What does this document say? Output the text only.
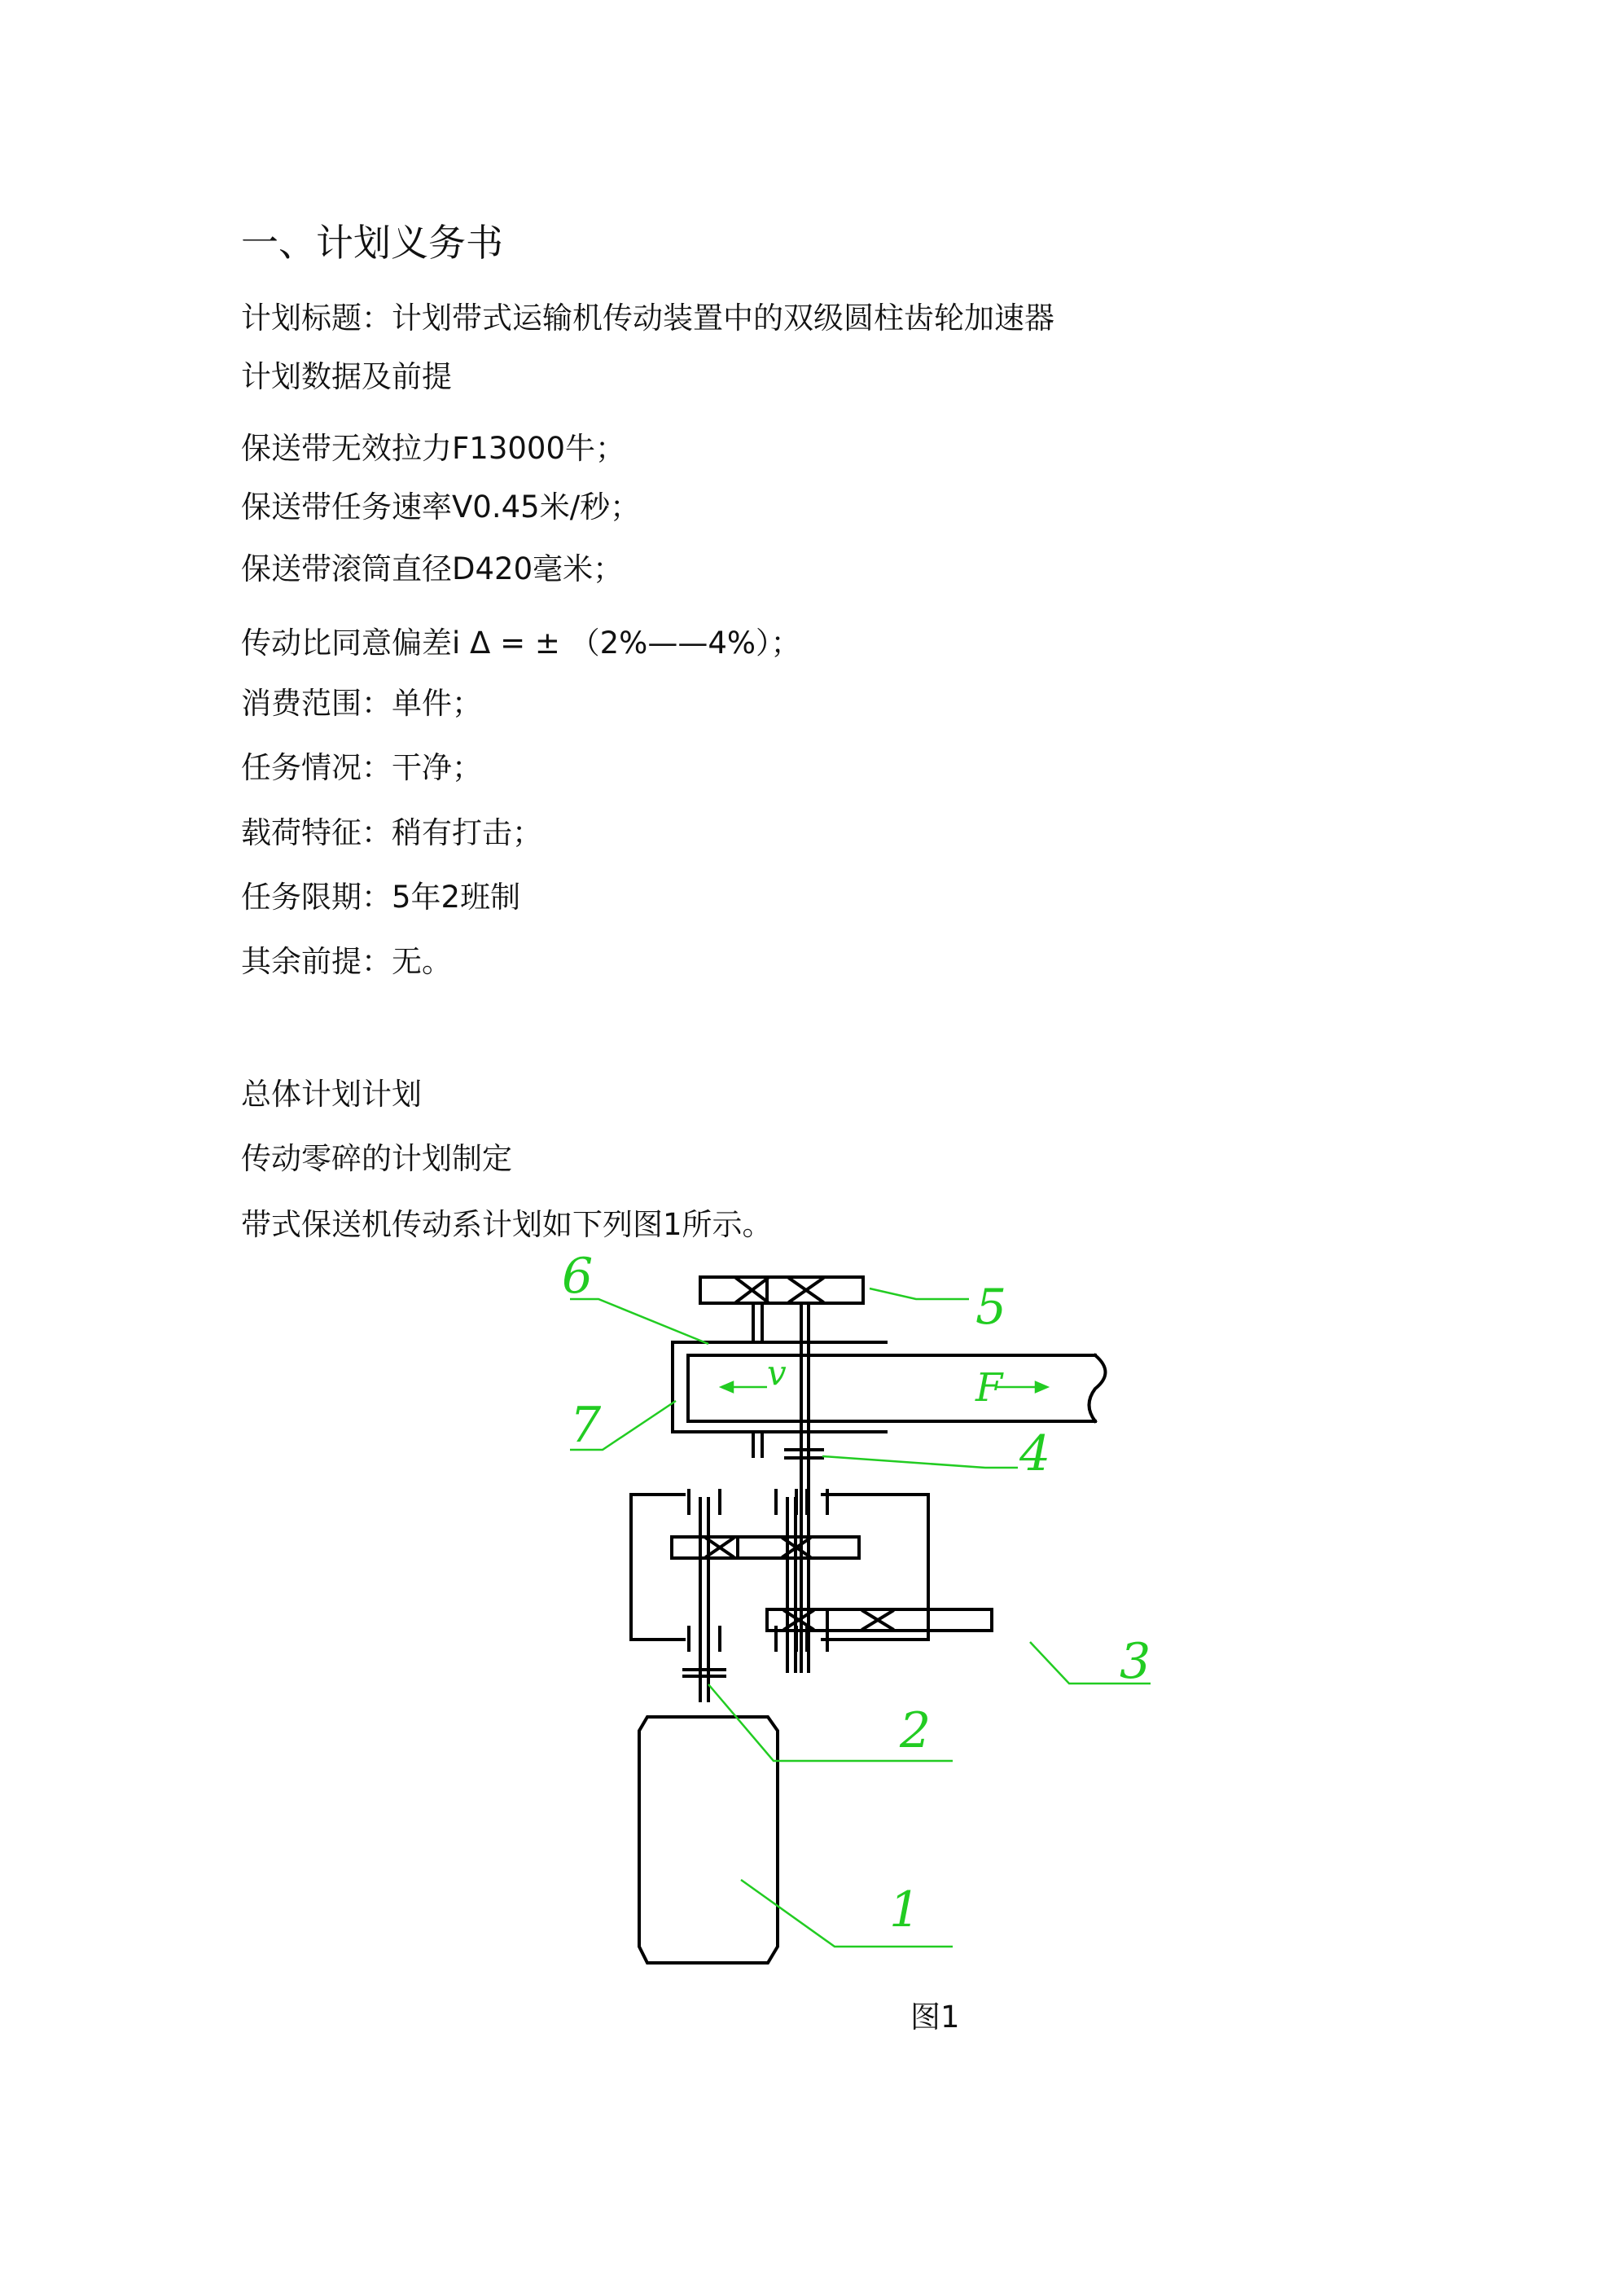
一、计划义务书
计划标题：计划带式运输机传动装置中的双级圆柱齿轮加速器
计划数据及前提
保送带无效拉力F13000牛；
保送带任务速率V0.45米/秒；
保送带滚筒直径D420毫米；
传动比同意偏差i Δ = ± （2%——4%）；
消费范围：单件；
任务情况：干净；
载荷特征：稍有打击；
任务限期：5年2班制
其余前提：无。
总体计划计划
传动零碎的计划制定
带式保送机传动系计划如下列图1所示。
6
5
7	4
3
2
1
v	F
图1
